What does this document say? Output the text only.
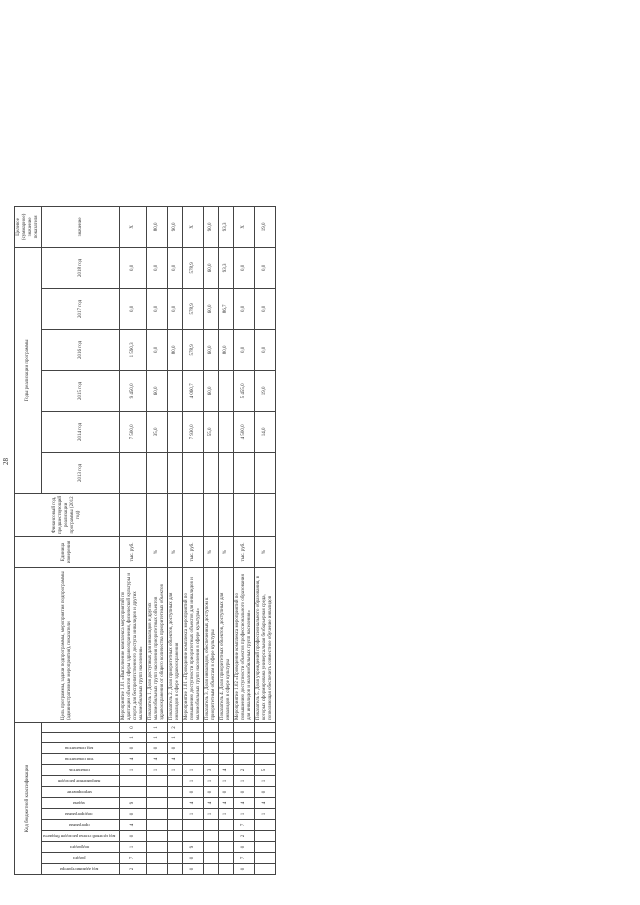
28
Код бюджетной классификации														Цель программы, задачи подпрограммы, мероприятия подпрограммы (административные мероприятия), показатели	Единица измерения	Финансовый год, предшествующий реализации программы (2012 год)	Годы реализации программы						Целевое (суммарное) значение показателя
код администратора	раздел	подраздел	код целевой статьи расходов бюджета	программа	подпрограмма	задача	мероприятие	направление расходов	показатель	тип показателя	код показателя						2013 год	2014 год	2015 год	2016 год	2017 год	2018 год	значение
2	7	1	0	4	0	9			1	4	0	1	0	Мероприятие 1.01 «Выполнение комплекса мероприятий по адаптации объектов сферы здравоохранения, физической культуры и спорта для беспрепятственного доступа инвалидов и других маломобильных групп населения»	тыс. руб.			7 500,0	9 450,0	1 590,3	0,0	0,0	X
									1	4	0	1	1	Показатель 1. Доля доступных для инвалидов и других маломобильных групп населения приоритетных объектов здравоохранения от общего количества приоритетных объектов	%			35,0	60,0	0,0	0,0	0,0	80,0
									1	4	0	1	2	Показатель 2. Доля приоритетных объектов, доступных для инвалидов в сфере здравоохранения	%					80,0	0,0	0,0	90,0
0	0	9			1	4	0	1	1					Мероприятие 1.01 «Проведение комплекса мероприятий по повышению доступности приоритетных объектов для инвалидов и маломобильных групп населения в сфере культуры»	тыс. руб.			7 930,0	4 060,7	578,9	578,9	578,9	X
					1	4	0	1	3					Показатель 3. Доля инвалидов, обеспеченных доступом к приоритетным объектам в сфере культуры	%			55,0	60,0	60,0	60,0	60,0	90,0
					1	4	0	1	4					Показатель 4. Доля приоритетных объектов, доступных для инвалидов в сфере культуры	%					80,0	86,7	93,3	93,3
0	7	0	2	7	1	4	0	1	2					Мероприятие 1.02 «Проведение комплекса мероприятий по повышению доступности объектов профессионального образования для инвалидов и маломобильных групп населения»	тыс. руб.			4 500,0	5 455,0	0,0	0,0	0,0	X
					1	4	0	1	5					Показатель 5. Доля учреждений профессионального образования, в которых сформирована универсальная безбарьерная среда, позволяющая обеспечить совместное обучение инвалидов	%			14,0	19,0	0,0	0,0	0,0	19,0
